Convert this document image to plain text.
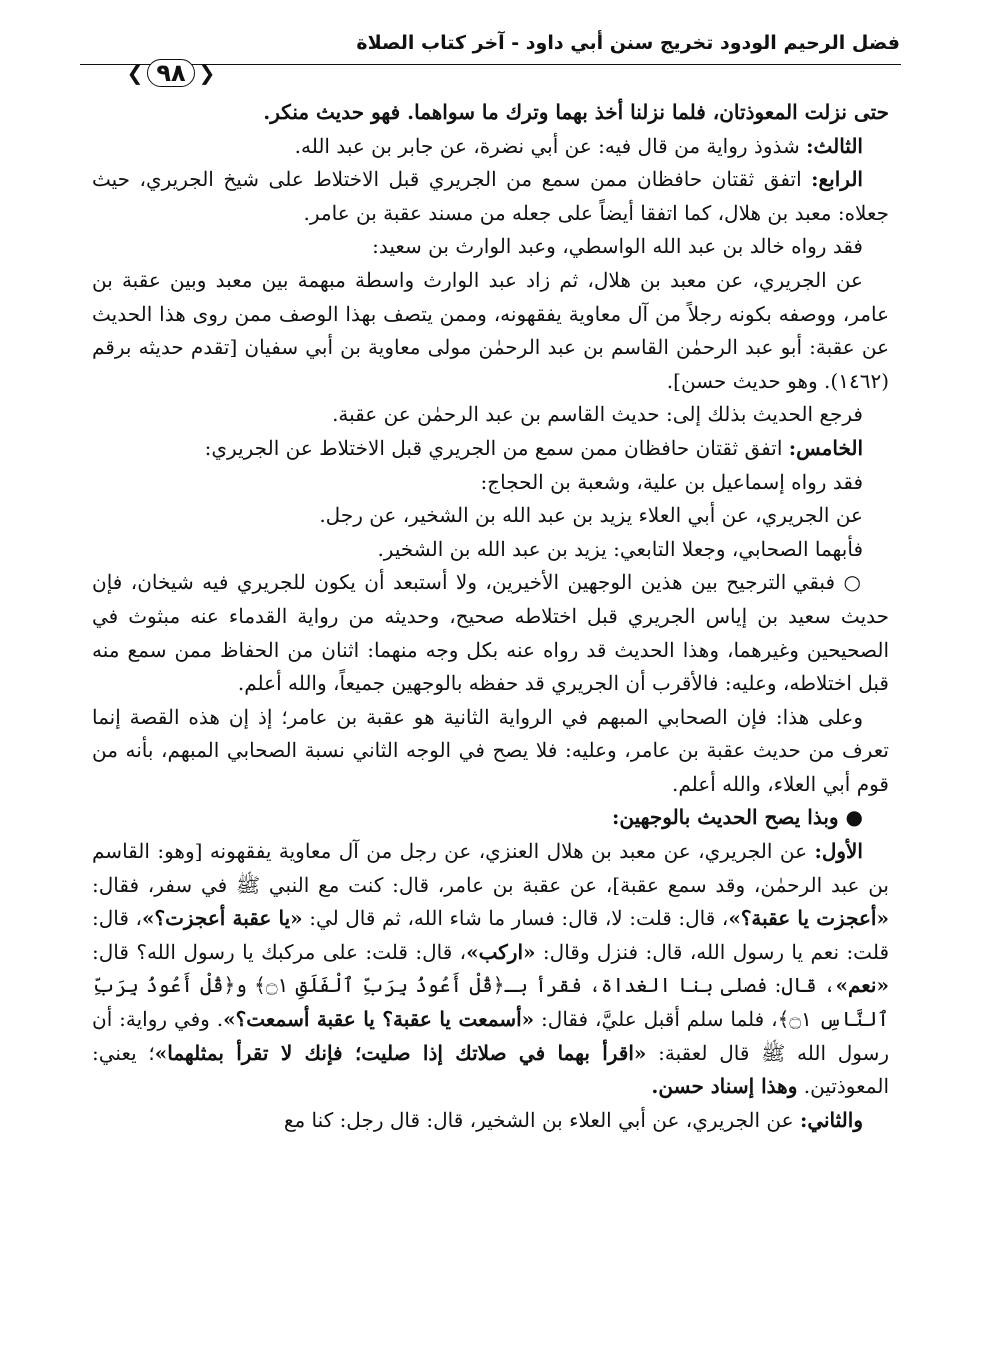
فضل الرحيم الودود تخريج سنن أبي داود - آخر كتاب الصلاة
❮ ٩٨ ❯

حتى نزلت المعوذتان، فلما نزلنا أخذ بهما وترك ما سواهما. فهو حديث منكر.

الثالث: شذوذ رواية من قال فيه: عن أبي نضرة، عن جابر بن عبد الله.

الرابع: اتفق ثقتان حافظان ممن سمع من الجريري قبل الاختلاط على شيخ الجريري، حيث جعلاه: معبد بن هلال، كما اتفقا أيضاً على جعله من مسند عقبة بن عامر.

فقد رواه خالد بن عبد الله الواسطي، وعبد الوارث بن سعيد:

عن الجريري، عن معبد بن هلال، ثم زاد عبد الوارث واسطة مبهمة بين معبد وبين عقبة بن عامر، ووصفه بكونه رجلاً من آل معاوية يفقهونه، وممن يتصف بهذا الوصف ممن روى هذا الحديث عن عقبة: أبو عبد الرحمٰن القاسم بن عبد الرحمٰن مولى معاوية بن أبي سفيان [تقدم حديثه برقم (١٤٦٢). وهو حديث حسن].

فرجع الحديث بذلك إلى: حديث القاسم بن عبد الرحمٰن عن عقبة.

الخامس: اتفق ثقتان حافظان ممن سمع من الجريري قبل الاختلاط عن الجريري:

فقد رواه إسماعيل بن علية، وشعبة بن الحجاج:

عن الجريري، عن أبي العلاء يزيد بن عبد الله بن الشخير، عن رجل.

فأبهما الصحابي، وجعلا التابعي: يزيد بن عبد الله بن الشخير.

○ فبقي الترجيح بين هذين الوجهين الأخيرين، ولا أستبعد أن يكون للجريري فيه شيخان، فإن حديث سعيد بن إياس الجريري قبل اختلاطه صحيح، وحديثه من رواية القدماء عنه مبثوث في الصحيحين وغيرهما، وهذا الحديث قد رواه عنه بكل وجه منهما: اثنان من الحفاظ ممن سمع منه قبل اختلاطه، وعليه: فالأقرب أن الجريري قد حفظه بالوجهين جميعاً، والله أعلم.

وعلى هذا: فإن الصحابي المبهم في الرواية الثانية هو عقبة بن عامر؛ إذ إن هذه القصة إنما تعرف من حديث عقبة بن عامر، وعليه: فلا يصح في الوجه الثاني نسبة الصحابي المبهم، بأنه من قوم أبي العلاء، والله أعلم.

● وبذا يصح الحديث بالوجهين:

الأول: عن الجريري، عن معبد بن هلال العنزي، عن رجل من آل معاوية يفقهونه [وهو: القاسم بن عبد الرحمٰن، وقد سمع عقبة]، عن عقبة بن عامر، قال: كنت مع النبي ﷺ في سفر، فقال: «أعجزت يا عقبة؟»، قال: قلت: لا، قال: فسار ما شاء الله، ثم قال لي: «يا عقبة أعجزت؟»، قال: قلت: نعم يا رسول الله، قال: فنزل وقال: «اركب»، قال: قلت: على مركبك يا رسول الله؟ قال: «نعم»، قال: فصلى بنا الغداة، فقرأ بـ﴿قُلْ أَعُوذُ بِرَبِّ ٱلْفَلَقِ ۝١﴾ و﴿قُلْ أَعُوذُ بِرَبِّ ٱلنَّاسِ ۝١﴾، فلما سلم أقبل عليَّ، فقال: «أسمعت يا عقبة؟ يا عقبة أسمعت؟». وفي رواية: أن رسول الله ﷺ قال لعقبة: «اقرأ بهما في صلاتك إذا صليت؛ فإنك لا تقرأ بمثلهما»؛ يعني: المعوذتين. وهذا إسناد حسن.

والثاني: عن الجريري، عن أبي العلاء بن الشخير، قال: قال رجل: كنا مع
